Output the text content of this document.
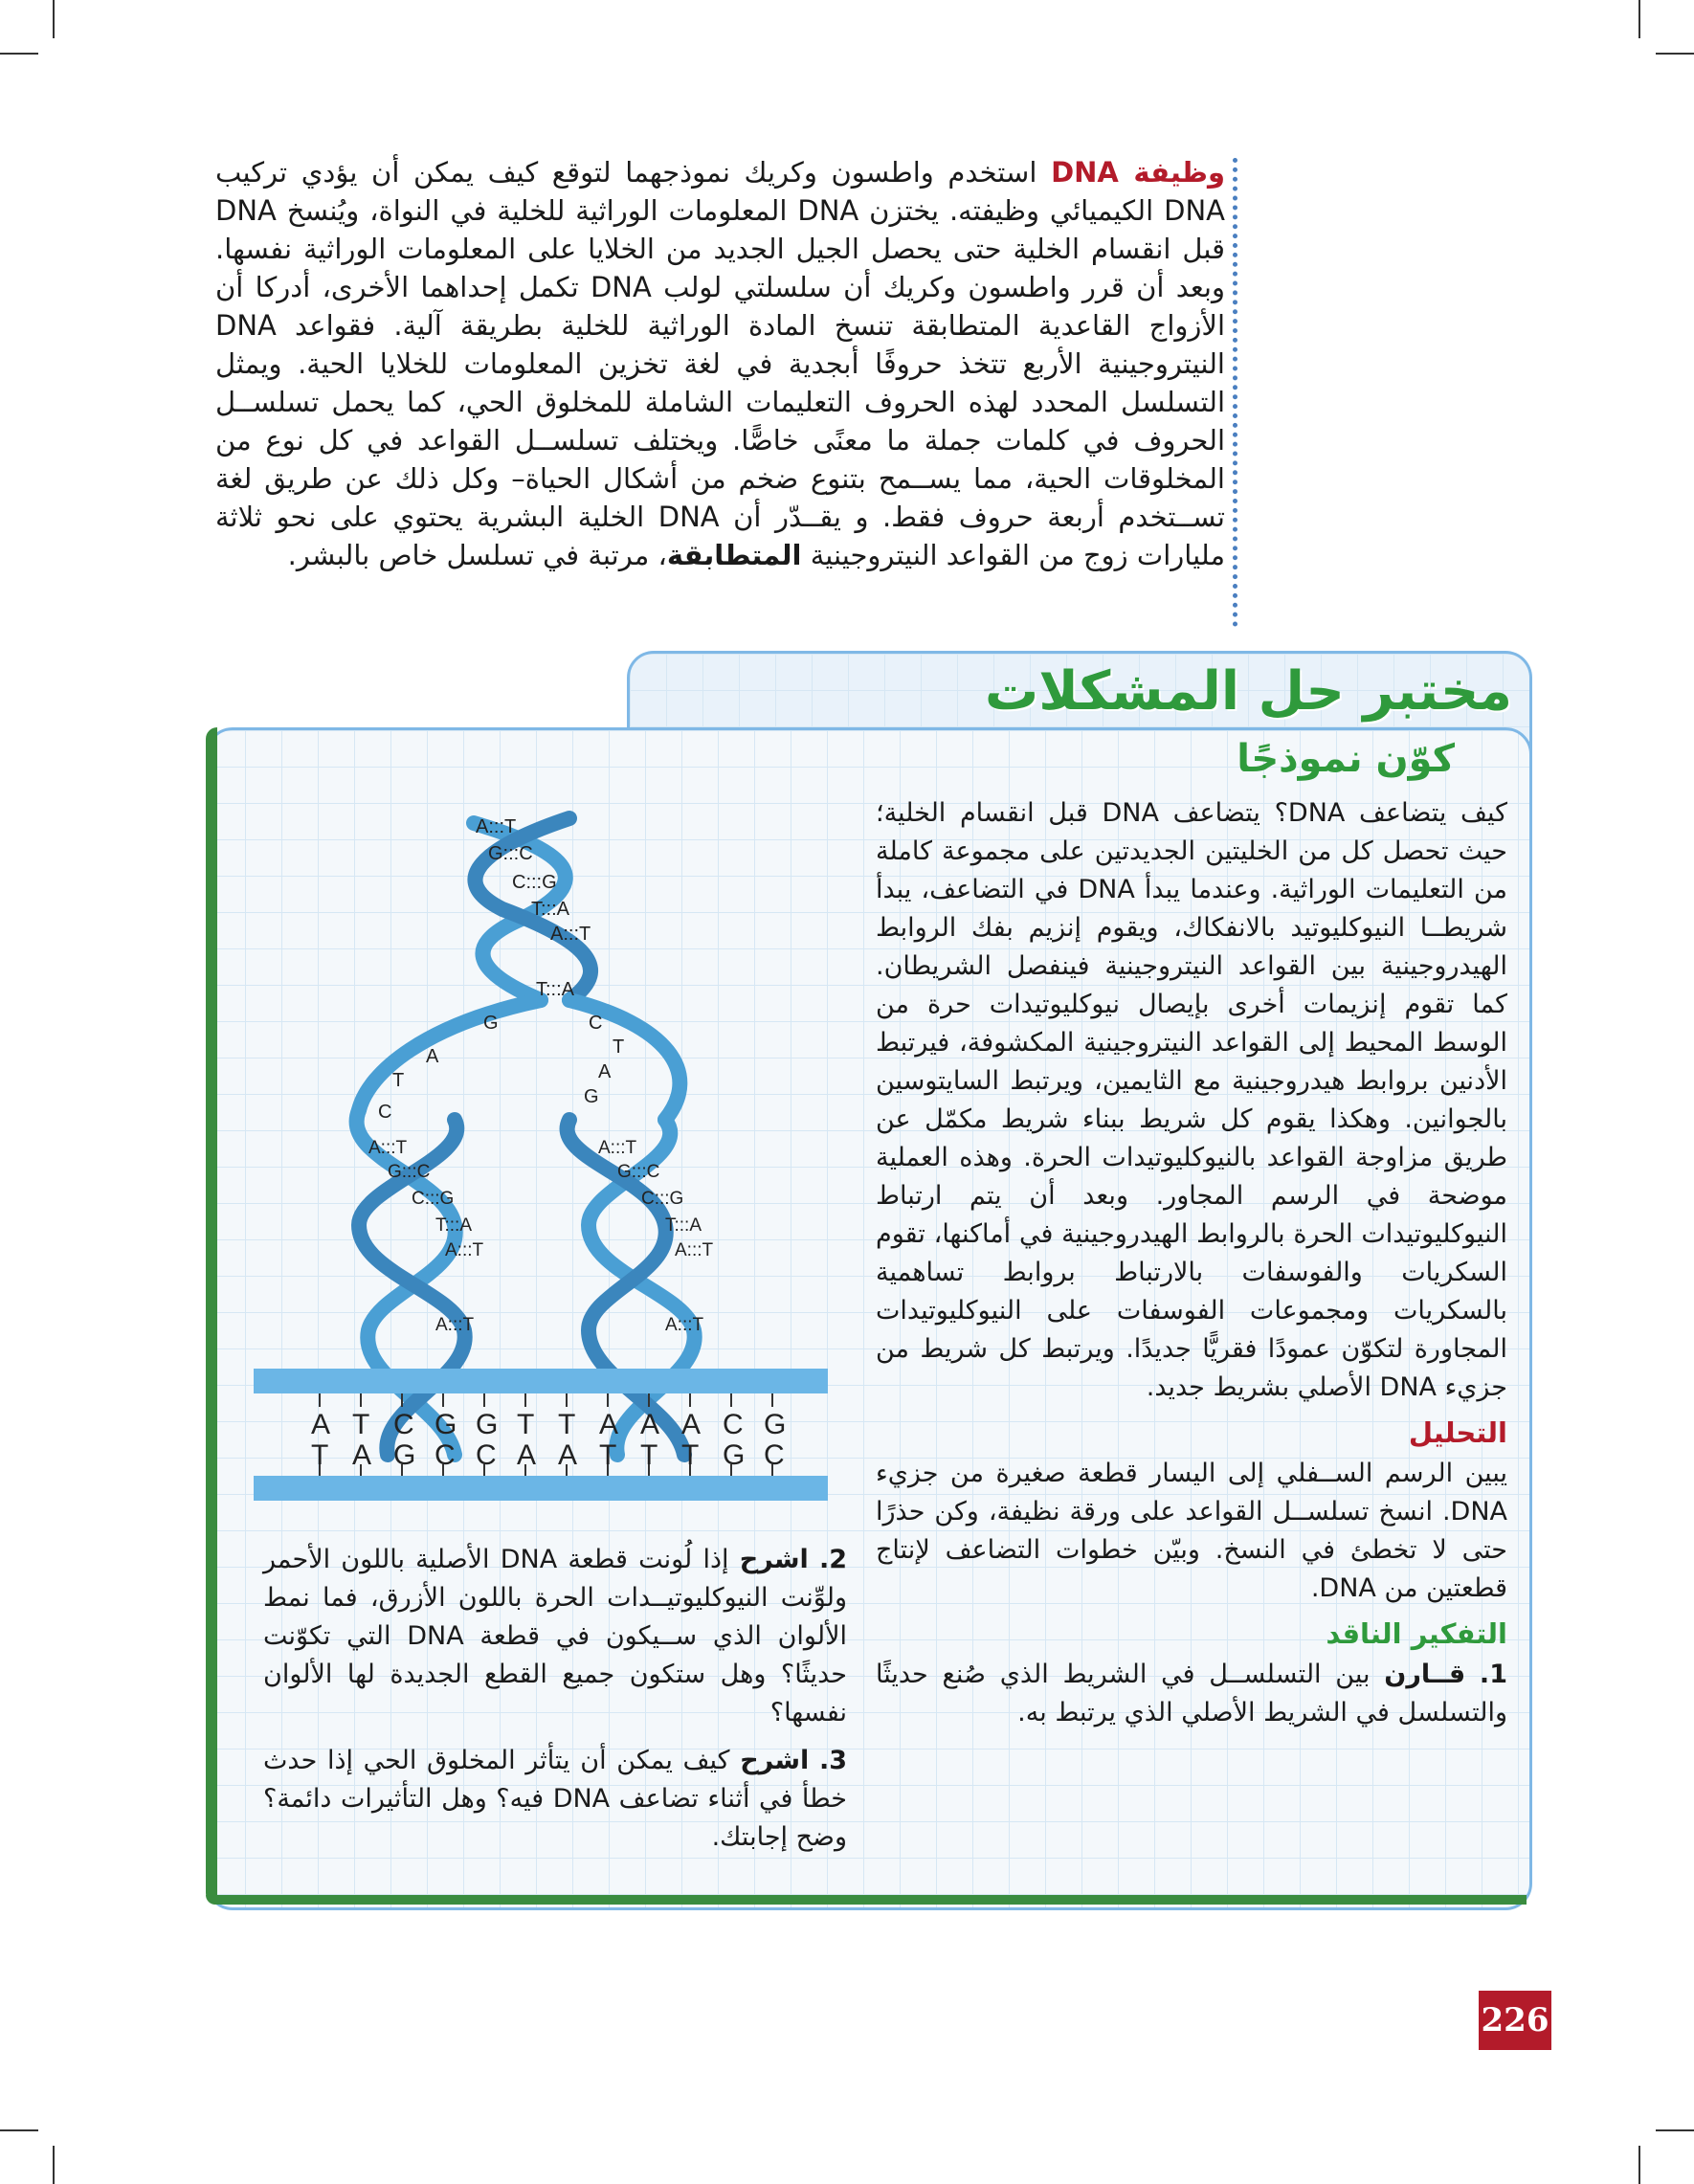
وظيفة DNA استخدم واطسون وكريك نموذجهما لتوقع كيف يمكن أن يؤدي تركيب DNA الكيميائي وظيفته. يختزن DNA المعلومات الوراثية للخلية في النواة، ويُنسخ DNA قبل انقسام الخلية حتى يحصل الجيل الجديد من الخلايا على المعلومات الوراثية نفسها. وبعد أن قرر واطسون وكريك أن سلسلتي لولب DNA تكمل إحداهما الأخرى، أدركا أن الأزواج القاعدية المتطابقة تنسخ المادة الوراثية للخلية بطريقة آلية. فقواعد DNA النيتروجينية الأربع تتخذ حروفًا أبجدية في لغة تخزين المعلومات للخلايا الحية. ويمثل التسلسل المحدد لهذه الحروف التعليمات الشاملة للمخلوق الحي، كما يحمل تسلســل الحروف في كلمات جملة ما معنًى خاصًّا. ويختلف تسلســل القواعد في كل نوع من المخلوقات الحية، مما يســمح بتنوع ضخم من أشكال الحياة– وكل ذلك عن طريق لغة تســتخدم أربعة حروف فقط. و يقــدّر أن DNA الخلية البشرية يحتوي على نحو ثلاثة مليارات زوج من القواعد النيتروجينية المتطابقة، مرتبة في تسلسل خاص بالبشر.

مختبر حل المشكلات
كوّن نموذجًا
A:::T
G:::C
C:::G
T:::A
A:::T
T:::A
G
A
T
C
C
T
A
G
A:::T
G:::C
C:::G
T:::A
A:::T
A:::T
A:::T
G:::C
C:::G
T:::A
A:::T
A:::T
A T C G G T T A A A C G
T A G C C A A T T T G C

كيف يتضاعف DNA؟ يتضاعف DNA قبل انقسام الخلية؛ حيث تحصل كل من الخليتين الجديدتين على مجموعة كاملة من التعليمات الوراثية. وعندما يبدأ DNA في التضاعف، يبدأ شريطــا النيوكليوتيد بالانفكاك، ويقوم إنزيم بفك الروابط الهيدروجينية بين القواعد النيتروجينية فينفصل الشريطان. كما تقوم إنزيمات أخرى بإيصال نيوكليوتيدات حرة من الوسط المحيط إلى القواعد النيتروجينية المكشوفة، فيرتبط الأدنين بروابط هيدروجينية مع الثايمين، ويرتبط السايتوسين بالجوانين. وهكذا يقوم كل شريط ببناء شريط مكمّل عن طريق مزاوجة القواعد بالنيوكليوتيدات الحرة. وهذه العملية موضحة في الرسم المجاور. وبعد أن يتم ارتباط النيوكليوتيدات الحرة بالروابط الهيدروجينية في أماكنها، تقوم السكريات والفوسفات بالارتباط بروابط تساهمية بالسكريات ومجموعات الفوسفات على النيوكليوتيدات المجاورة لتكوّن عمودًا فقريًّا جديدًا. ويرتبط كل شريط من جزيء DNA الأصلي بشريط جديد.

التحليل

يبين الرسم الســفلي إلى اليسار قطعة صغيرة من جزيء DNA. انسخ تسلســل القواعد على ورقة نظيفة، وكن حذرًا حتى لا تخطئ في النسخ. وبيّن خطوات التضاعف لإنتاج قطعتين من DNA.

التفكير الناقد

1. قــارن بين التسلســل في الشريط الذي صُنع حديثًا والتسلسل في الشريط الأصلي الذي يرتبط به.

2. اشرح إذا لُونت قطعة DNA الأصلية باللون الأحمر ولوِّنت النيوكليوتيــدات الحرة باللون الأزرق، فما نمط الألوان الذي ســيكون في قطعة DNA التي تكوّنت حديثًا؟ وهل ستكون جميع القطع الجديدة لها الألوان نفسها؟

3. اشرح كيف يمكن أن يتأثر المخلوق الحي إذا حدث خطأ في أثناء تضاعف DNA فيه؟ وهل التأثيرات دائمة؟ وضح إجابتك.

226
